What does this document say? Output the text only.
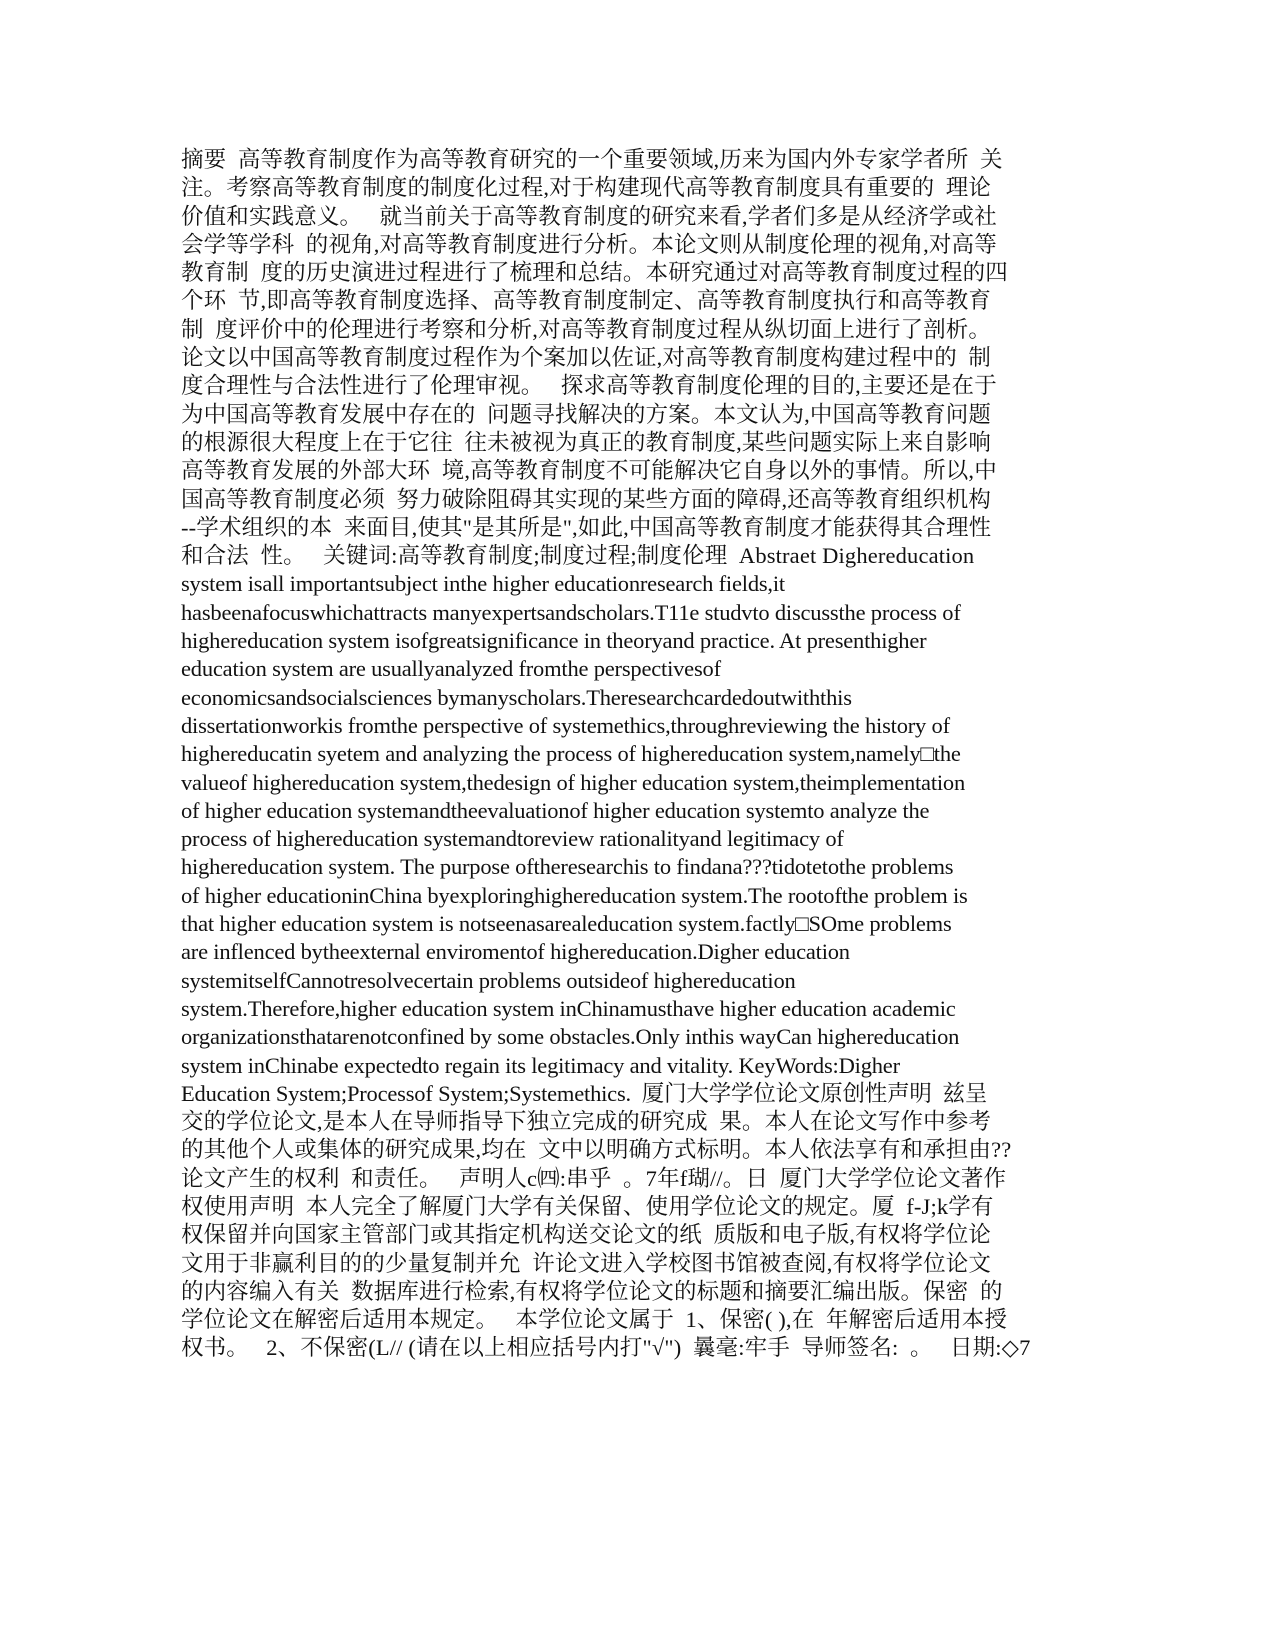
摘要  高等教育制度作为高等教育研究的一个重要领域,历来为国内外专家学者所  关
注。考察高等教育制度的制度化过程,对于构建现代高等教育制度具有重要的  理论
价值和实践意义。   就当前关于高等教育制度的研究来看,学者们多是从经济学或社
会学等学科  的视角,对高等教育制度进行分析。本论文则从制度伦理的视角,对高等
教育制  度的历史演进过程进行了梳理和总结。本研究通过对高等教育制度过程的四
个环  节,即高等教育制度选择、高等教育制度制定、高等教育制度执行和高等教育
制  度评价中的伦理进行考察和分析,对高等教育制度过程从纵切面上进行了剖析。
论文以中国高等教育制度过程作为个案加以佐证,对高等教育制度构建过程中的  制
度合理性与合法性进行了伦理审视。   探求高等教育制度伦理的目的,主要还是在于
为中国高等教育发展中存在的  问题寻找解决的方案。本文认为,中国高等教育问题
的根源很大程度上在于它往  往未被视为真正的教育制度,某些问题实际上来自影响
高等教育发展的外部大环  境,高等教育制度不可能解决它自身以外的事情。所以,中
国高等教育制度必须  努力破除阻碍其实现的某些方面的障碍,还高等教育组织机构
--学术组织的本  来面目,使其"是其所是",如此,中国高等教育制度才能获得其合理性
和合法  性。   关键词:高等教育制度;制度过程;制度伦理  Abstraet Dighereducation
system isall importantsubject inthe higher educationresearch fields,it
hasbeenafocuswhichattracts manyexpertsandscholars.T11e studvto discussthe process of
highereducation system isofgreatsignificance in theoryand practice. At presenthigher
education system are usuallyanalyzed fromthe perspectivesof
economicsandsocialsciences bymanyscholars.Theresearchcardedoutwiththis
dissertationworkis fromthe perspective of systemethics,throughreviewing the history of
highereducatin syetem and analyzing the process of highereducation system,namely□the
valueof highereducation system,thedesign of higher education system,theimplementation
of higher education systemandtheevaluationof higher education systemto analyze the
process of highereducation systemandtoreview rationalityand legitimacy of
highereducation system. The purpose oftheresearchis to findana???tidotetothe problems
of higher educationinChina byexploringhighereducation system.The rootofthe problem is
that higher education system is notseenasarealeducation system.factly□SOme problems
are inflenced bytheexternal enviromentof highereducation.Digher education
systemitselfCannotresolvecertain problems outsideof highereducation
system.Therefore,higher education system inChinamusthave higher education academic
organizationsthatarenotconfined by some obstacles.Only inthis wayCan highereducation
system inChinabe expectedto regain its legitimacy and vitality. KeyWords:Digher
Education System;Processof System;Systemethics.  厦门大学学位论文原创性声明  兹呈
交的学位论文,是本人在导师指导下独立完成的研究成  果。本人在论文写作中参考
的其他个人或集体的研究成果,均在  文中以明确方式标明。本人依法享有和承担由??
论文产生的权利  和责任。   声明人c㈣:串乎  。7年f瑚//。日  厦门大学学位论文著作
权使用声明  本人完全了解厦门大学有关保留、使用学位论文的规定。厦  f-J;k学有
权保留并向国家主管部门或其指定机构送交论文的纸  质版和电子版,有权将学位论
文用于非赢利目的的少量复制并允  许论文进入学校图书馆被查阅,有权将学位论文
的内容编入有关  数据库进行检索,有权将学位论文的标题和摘要汇编出版。保密  的
学位论文在解密后适用本规定。   本学位论文属于  1、保密( ),在  年解密后适用本授
权书。   2、不保密(L// (请在以上相应括号内打"√")  曩毫:牢手  导师签名:  。   日期:◇7
